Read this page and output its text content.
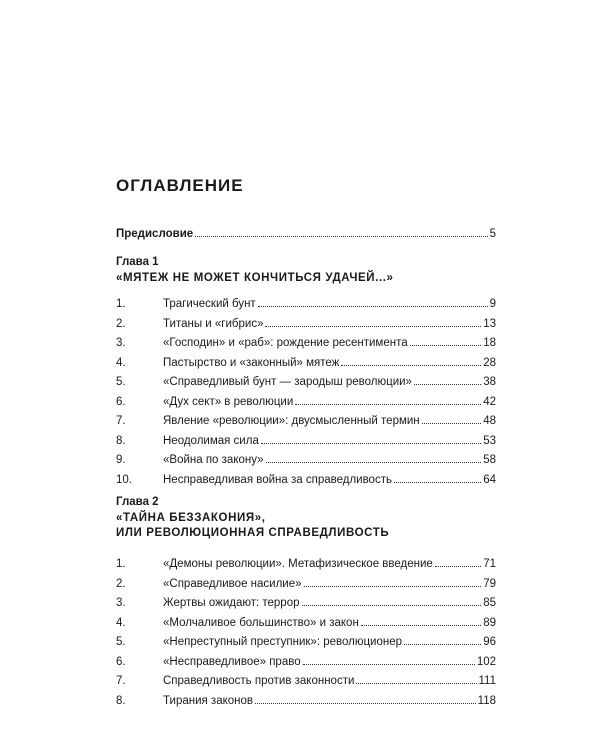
ОГЛАВЛЕНИЕ
Предисловие	5
Глава 1
«МЯТЕЖ НЕ МОЖЕТ КОНЧИТЬСЯ УДАЧЕЙ...»
1.	Трагический бунт	9
2.	Титаны и «гибрис»	13
3.	«Господин» и «раб»: рождение ресентимента	18
4.	Пастырство и «законный» мятеж	28
5.	«Справедливый бунт — зародыш революции»	38
6.	«Дух сект» в революции	42
7.	Явление «революции»: двусмысленный термин	48
8.	Неодолимая сила	53
9.	«Война по закону»	58
10.	Несправедливая война за справедливость	64
Глава 2
«ТАЙНА БЕЗЗАКОНИЯ»,
ИЛИ РЕВОЛЮЦИОННАЯ СПРАВЕДЛИВОСТЬ
1.	«Демоны революции». Метафизическое введение	71
2.	«Справедливое насилие»	79
3.	Жертвы ожидают: террор	85
4.	«Молчаливое большинство» и закон	89
5.	«Непреступный преступник»: революционер	96
6.	«Несправедливое» право	102
7.	Справедливость против законности	111
8.	Тирания законов	118
